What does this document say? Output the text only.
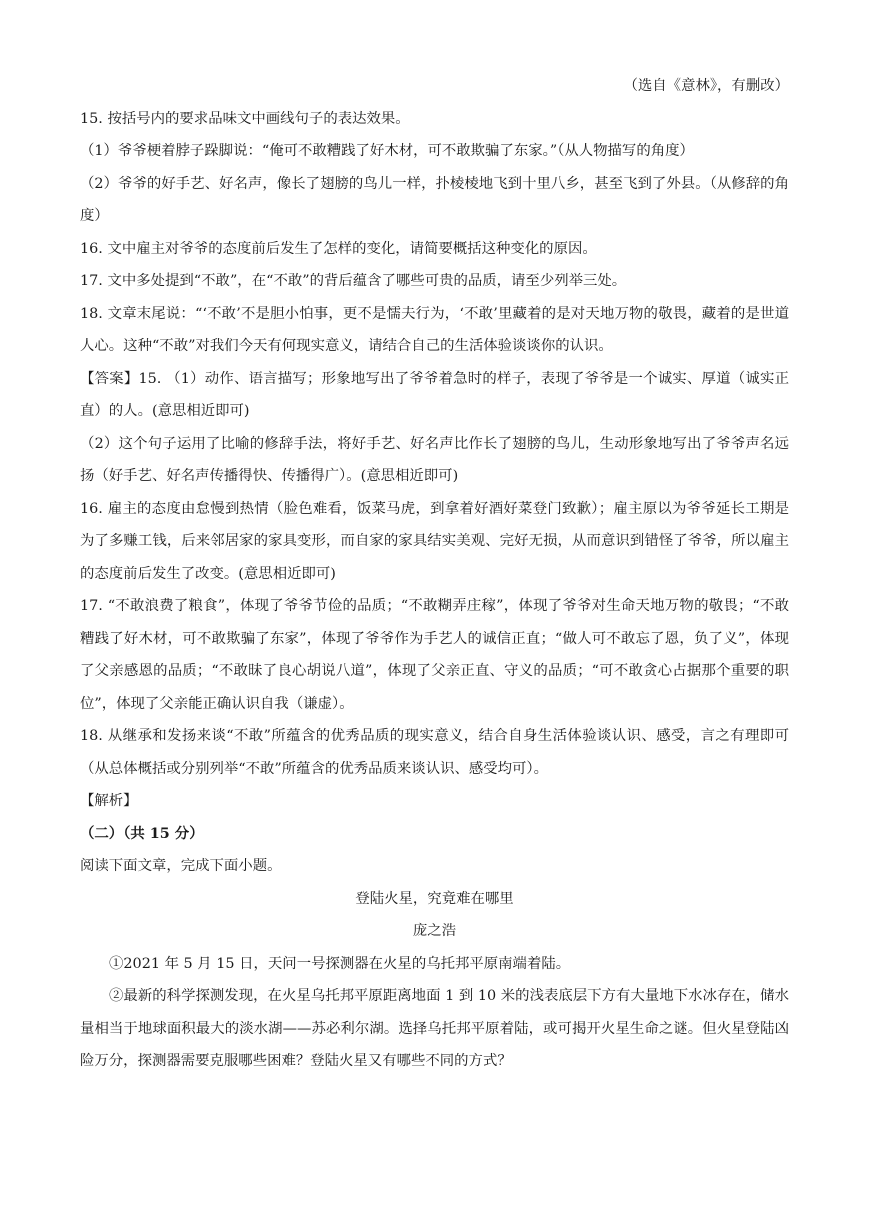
（选自《意林》，有删改）
15. 按括号内的要求品味文中画线句子的表达效果。
（1）爷爷梗着脖子跺脚说：“俺可不敢糟践了好木材，可不敢欺骗了东家。”（从人物描写的角度）
（2）爷爷的好手艺、好名声，像长了翅膀的鸟儿一样，扑棱棱地飞到十里八乡，甚至飞到了外县。（从修辞的角度）
16. 文中雇主对爷爷的态度前后发生了怎样的变化，请简要概括这种变化的原因。
17. 文中多处提到“不敢”，在“不敢”的背后蕴含了哪些可贵的品质，请至少列举三处。
18. 文章末尾说：“‘不敢’不是胆小怕事，更不是懦夫行为，‘不敢’里藏着的是对天地万物的敬畏，藏着的是世道人心。这种“不敢”对我们今天有何现实意义，请结合自己的生活体验谈谈你的认识。
【答案】15. （1）动作、语言描写；形象地写出了爷爷着急时的样子，表现了爷爷是一个诚实、厚道（诚实正直）的人。(意思相近即可)
（2）这个句子运用了比喻的修辞手法，将好手艺、好名声比作长了翅膀的鸟儿，生动形象地写出了爷爷声名远扬（好手艺、好名声传播得快、传播得广）。(意思相近即可)
16. 雇主的态度由怠慢到热情（脸色难看，饭菜马虎，到拿着好酒好菜登门致歉）；雇主原以为爷爷延长工期是为了多赚工钱，后来邻居家的家具变形，而自家的家具结实美观、完好无损，从而意识到错怪了爷爷，所以雇主的态度前后发生了改变。(意思相近即可)
17. “不敢浪费了粮食”，体现了爷爷节俭的品质；“不敢糊弄庄稼”，体现了爷爷对生命天地万物的敬畏；“不敢糟践了好木材，可不敢欺骗了东家”，体现了爷爷作为手艺人的诚信正直；“做人可不敢忘了恩，负了义”，体现了父亲感恩的品质；“不敢昧了良心胡说八道”，体现了父亲正直、守义的品质；“可不敢贪心占据那个重要的职位”，体现了父亲能正确认识自我（谦虚）。
18. 从继承和发扬来谈“不敢”所蕴含的优秀品质的现实意义，结合自身生活体验谈认识、感受，言之有理即可（从总体概括或分别列举“不敢”所蕴含的优秀品质来谈认识、感受均可）。
【解析】
（二）（共 15 分）
阅读下面文章，完成下面小题。
登陆火星，究竟难在哪里
庞之浩
①2021 年 5 月 15 日，天问一号探测器在火星的乌托邦平原南端着陆。
②最新的科学探测发现，在火星乌托邦平原距离地面 1 到 10 米的浅表底层下方有大量地下水冰存在，储水量相当于地球面积最大的淡水湖——苏必利尔湖。选择乌托邦平原着陆，或可揭开火星生命之谜。但火星登陆凶险万分，探测器需要克服哪些困难？登陆火星又有哪些不同的方式？
